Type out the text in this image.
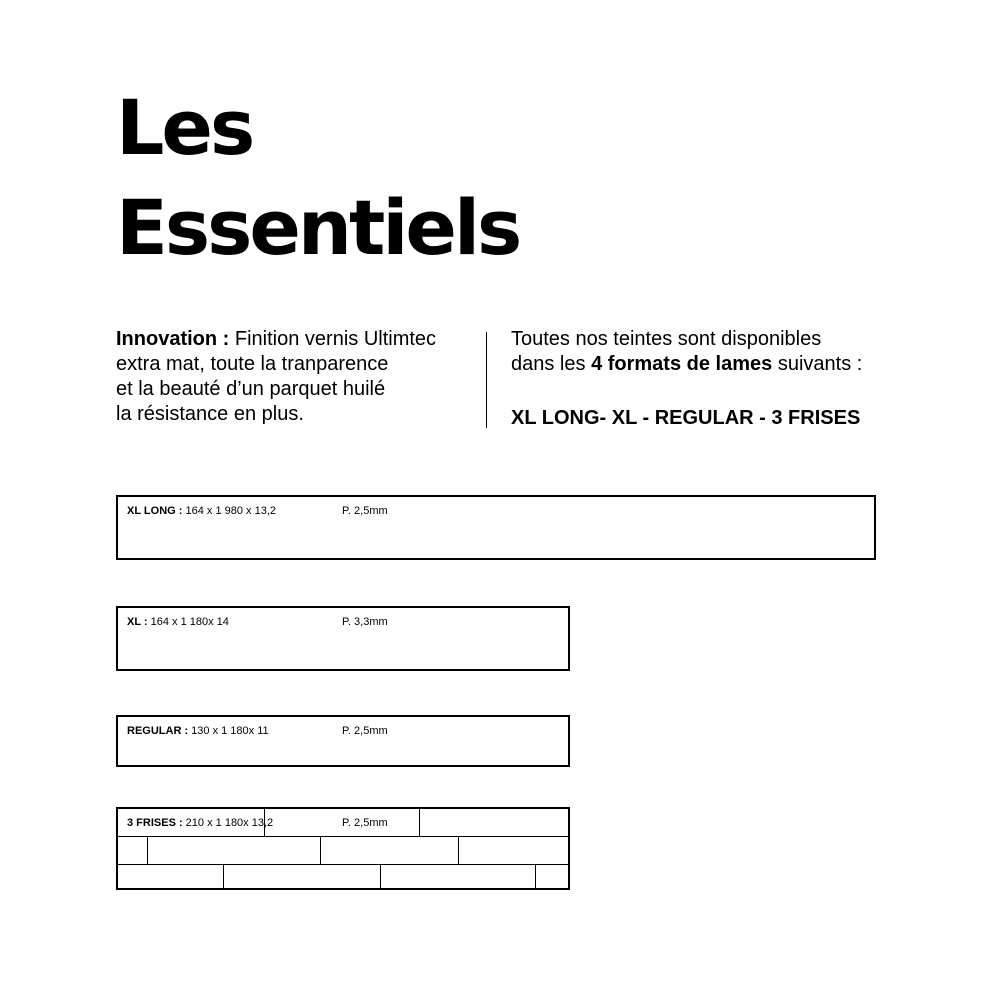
Les
Essentiels

Innovation : Finition vernis Ultimtec

extra mat, toute la tranparence

et la beauté d’un parquet huilé

la résistance en plus.

Toutes nos teintes sont disponibles

dans les 4 formats de lames suivants :

XL LONG- XL - REGULAR - 3 FRISES
XL LONG : 164 x 1 980 x 13,2	P. 2,5mm
XL : 164 x 1 180x 14	P. 3,3mm
REGULAR : 130 x 1 180x 11	P. 2,5mm
3 FRISES : 210 x 1 180x 13,2	P. 2,5mm
